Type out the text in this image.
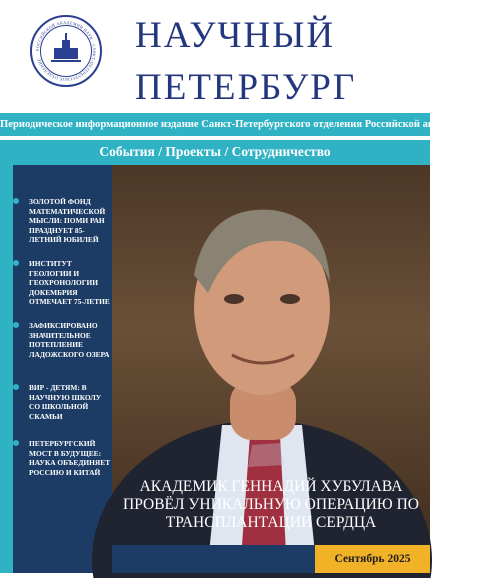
РОССИЙСКОЙ АКАДЕМИИ НАУК · САНКТ-ПЕТЕРБУРГСКОЕ ОТДЕЛЕНИЕ
НАУЧНЫЙ
ПЕТЕРБУРГ
Периодическое информационное издание Санкт-Петербургского отделения Российской академии наук
События / Проекты / Сотрудничество
ЗОЛОТОЙ ФОНД МАТЕМАТИЧЕСКОЙ МЫСЛИ: ПОМИ РАН ПРАЗДНУЕТ 85-ЛЕТНИЙ ЮБИЛЕЙ
ИНСТИТУТ ГЕОЛОГИИ И ГЕОХРОНОЛОГИИ ДОКЕМБРИЯ ОТМЕЧАЕТ 75-ЛЕТИЕ
ЗАФИКСИРОВАНО ЗНАЧИТЕЛЬНОЕ ПОТЕПЛЕНИЕ ЛАДОЖСКОГО ОЗЕРА
ВИР - ДЕТЯМ: В НАУЧНУЮ ШКОЛУ СО ШКОЛЬНОЙ СКАМЬИ
ПЕТЕРБУРГСКИЙ МОСТ В БУДУЩЕЕ: НАУКА ОБЪЕДИНЯЕТ РОССИЮ И КИТАЙ
АКАДЕМИК ГЕННАДИЙ ХУБУЛАВА ПРОВЁЛ УНИКАЛЬНУЮ ОПЕРАЦИЮ ПО ТРАНСПЛАНТАЦИИ СЕРДЦА
Сентябрь 2025
